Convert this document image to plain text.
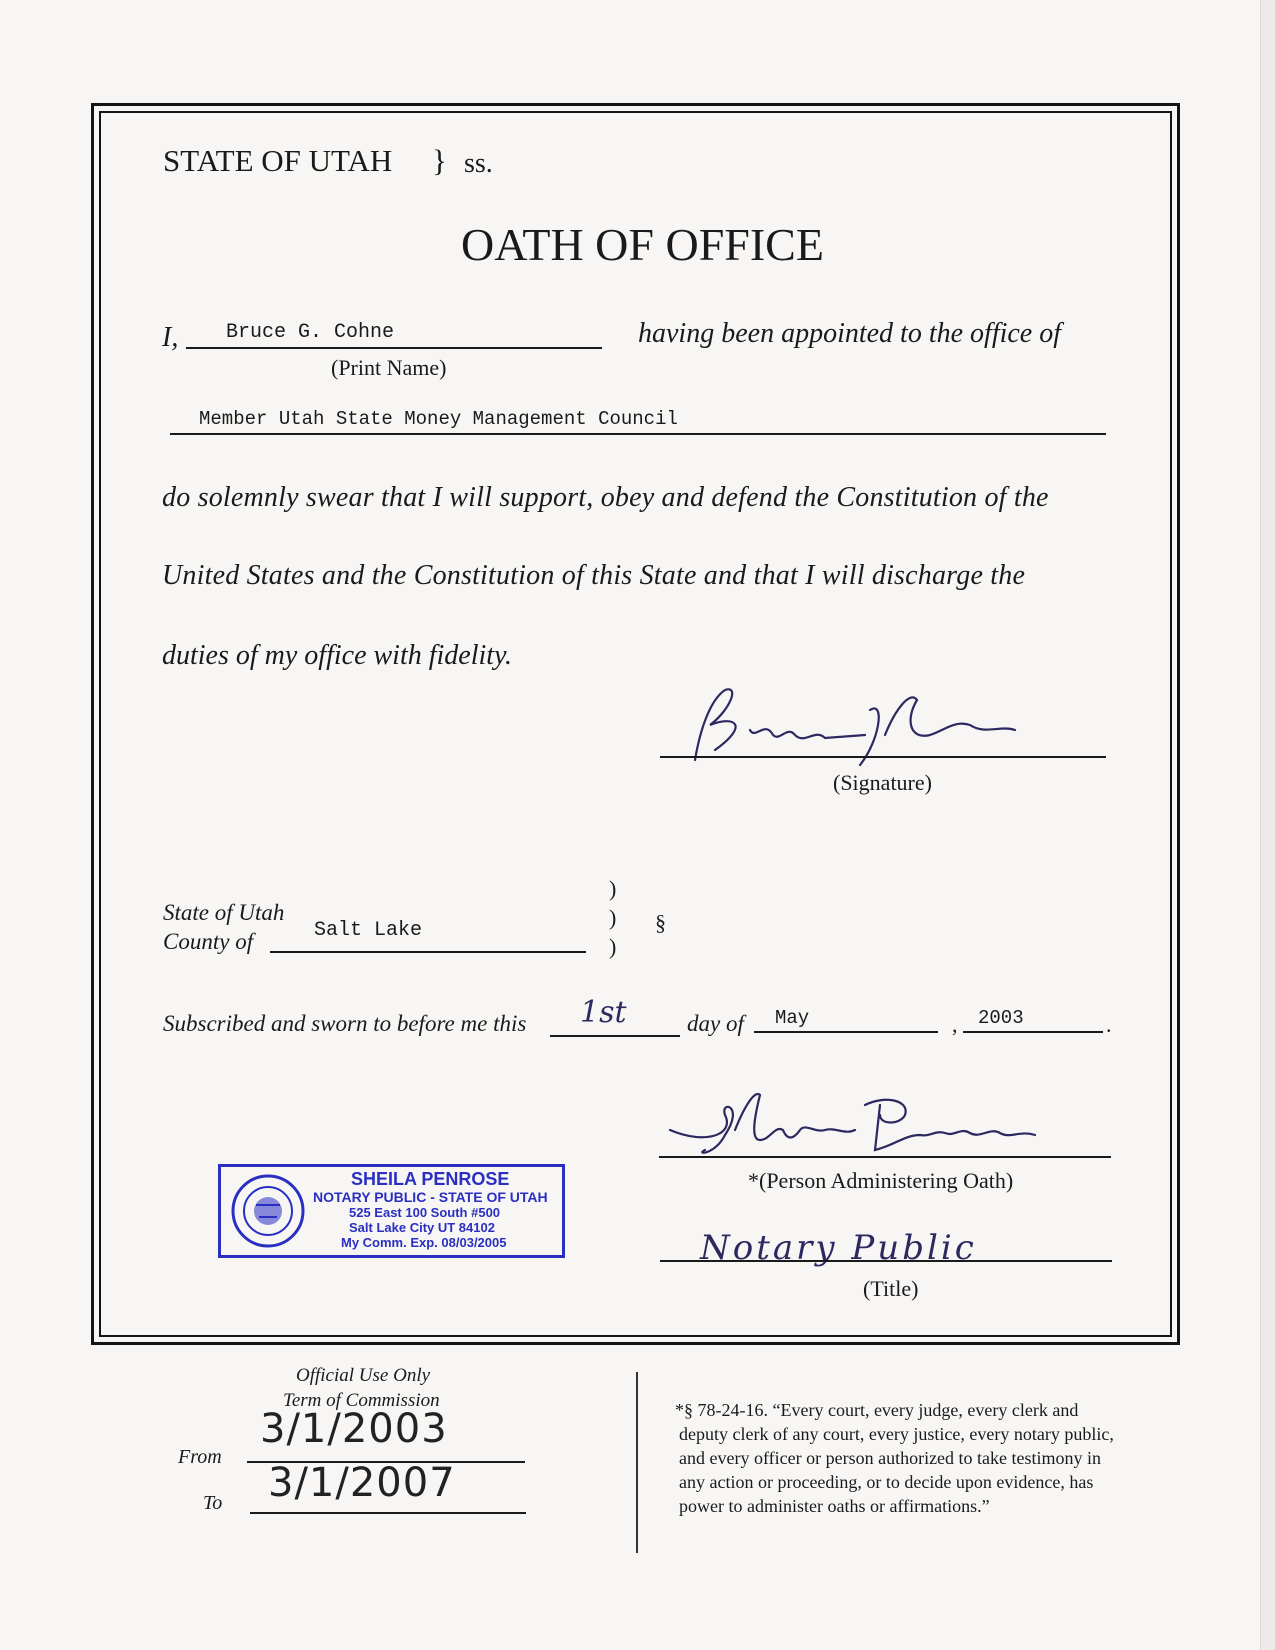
STATE OF UTAH } ss.
OATH OF OFFICE
I, Bruce G. Cohne
(Print Name)
having been appointed to the office of
Member Utah State Money Management Council
do solemnly swear that I will support, obey and defend the Constitution of the
United States and the Constitution of this State and that I will discharge the
duties of my office with fidelity.
(Signature)
State of Utah
County of	Salt Lake
)
)
)
§
Subscribed and sworn to before me this 1st	day of May	, 2003	.
*(Person Administering Oath)
Notary Public
(Title)
SHEILA PENROSE
NOTARY PUBLIC - STATE OF UTAH
525 East 100 South #500
Salt Lake City UT 84102
My Comm. Exp. 08/03/2005
Official Use Only
Term of Commission
From
3/1/2003
To 3/1/2007
*§ 78-24-16. “Every court, every judge, every clerk and
deputy clerk of any court, every justice, every notary public,
and every officer or person authorized to take testimony in
any action or proceeding, or to decide upon evidence, has
power to administer oaths or affirmations.”
